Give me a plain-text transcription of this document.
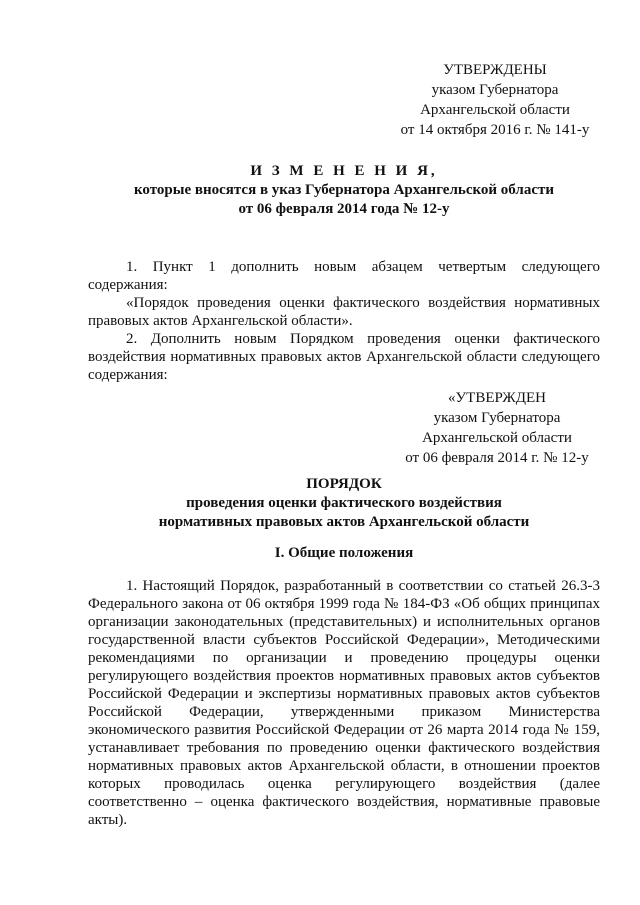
УТВЕРЖДЕНЫ
указом Губернатора
Архангельской области
от 14 октября 2016 г. № 141-у
И З М Е Н Е Н И Я,
которые вносятся в указ Губернатора Архангельской области
от 06 февраля 2014 года № 12-у

1. Пункт 1 дополнить новым абзацем четвертым следующего содержания:

«Порядок проведения оценки фактического воздействия нормативных правовых актов Архангельской области».

2. Дополнить новым Порядком проведения оценки фактического воздействия нормативных правовых актов Архангельской области следующего содержания:

«УТВЕРЖДЕН
указом Губернатора
Архангельской области
от 06 февраля 2014 г. № 12-у
ПОРЯДОК
проведения оценки фактического воздействия
нормативных правовых актов Архангельской области
I. Общие положения

1. Настоящий Порядок, разработанный в соответствии со статьей 26.3-3 Федерального закона от 06 октября 1999 года № 184-ФЗ «Об общих принципах организации законодательных (представительных) и исполнительных органов государственной власти субъектов Российской Федерации», Методическими рекомендациями по организации и проведению процедуры оценки регулирующего воздействия проектов нормативных правовых актов субъектов Российской Федерации и экспертизы нормативных правовых актов субъектов Российской Федерации, утвержденными приказом Министерства экономического развития Российской Федерации от 26 марта 2014 года № 159, устанавливает требования по проведению оценки фактического воздействия нормативных правовых актов Архангельской области, в отношении проектов которых проводилась оценка регулирующего воздействия (далее соответственно – оценка фактического воздействия, нормативные правовые акты).
